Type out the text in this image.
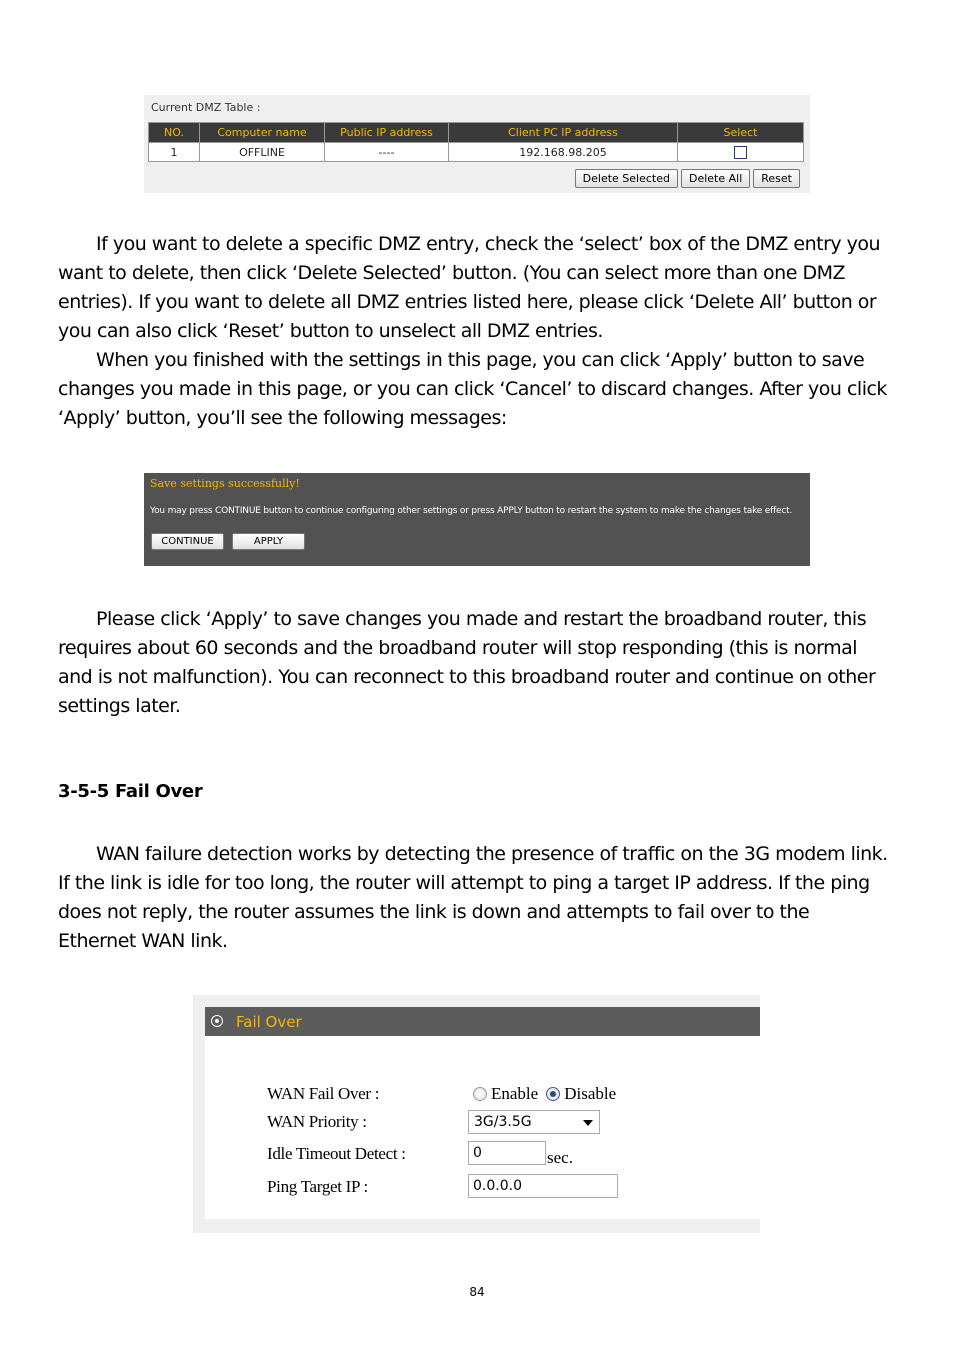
Current DMZ Table :
NO.	Computer name	Public IP address	Client PC IP address	Select
1	OFFLINE	----	192.168.98.205	
Delete Selected	Delete All	Reset
If you want to delete a specific DMZ entry, check the ‘select’ box of the DMZ entry you
want to delete, then click ‘Delete Selected’ button. (You can select more than one DMZ
entries). If you want to delete all DMZ entries listed here, please click ‘Delete All’ button or
you can also click ‘Reset’ button to unselect all DMZ entries.
When you finished with the settings in this page, you can click ‘Apply’ button to save
changes you made in this page, or you can click ‘Cancel’ to discard changes. After you click
‘Apply’ button, you’ll see the following messages:
Save settings successfully!
You may press CONTINUE button to continue configuring other settings or press APPLY button to restart the system to make the changes take effect.
CONTINUE	APPLY
Please click ‘Apply’ to save changes you made and restart the broadband router, this
requires about 60 seconds and the broadband router will stop responding (this is normal
and is not malfunction). You can reconnect to this broadband router and continue on other
settings later.
3-5-5 Fail Over
WAN failure detection works by detecting the presence of traffic on the 3G modem link.
If the link is idle for too long, the router will attempt to ping a target IP address. If the ping
does not reply, the router assumes the link is down and attempts to fail over to the
Ethernet WAN link.
Fail Over
WAN Fail Over :	Enable Disable
WAN Priority :	3G/3.5G
Idle Timeout Detect :	0	sec.
Ping Target IP :	0.0.0.0
84
